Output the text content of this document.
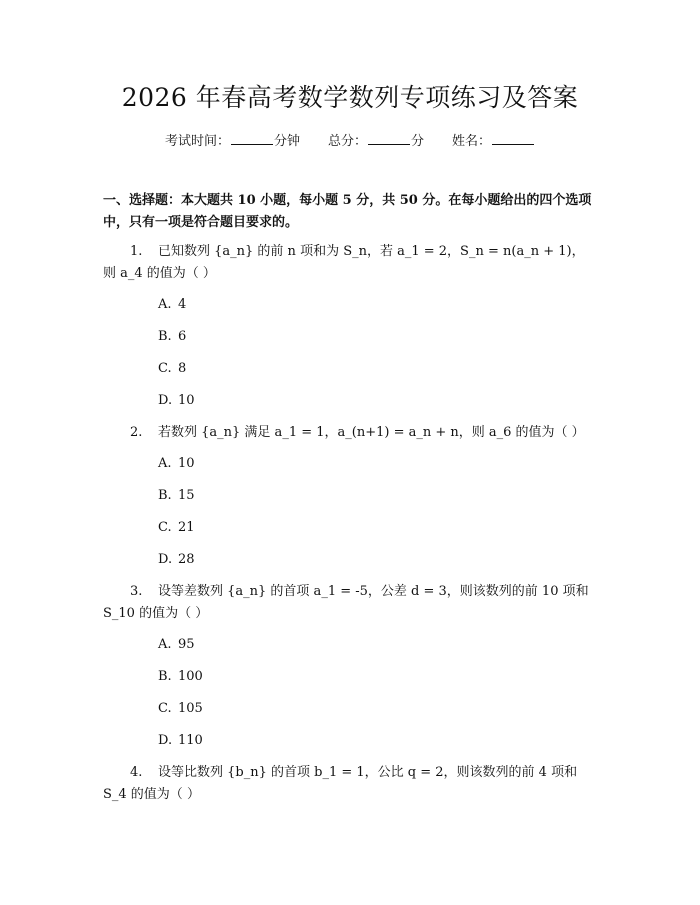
2026 年春高考数学数列专项练习及答案
考试时间：	分钟 总分：	分 姓名：
一、选择题：本大题共 10 小题，每小题 5 分，共 50 分。在每小题给出的四个选项中，只有一项是符合题目要求的。
1. 已知数列 {a_n} 的前 n 项和为 S_n，若 a_1 = 2，S_n = n(a_n + 1)，则 a_4 的值为（ ）
A. 4
B. 6
C. 8
D. 10
2. 若数列 {a_n} 满足 a_1 = 1，a_(n+1) = a_n + n，则 a_6 的值为（ ）
A. 10
B. 15
C. 21
D. 28
3. 设等差数列 {a_n} 的首项 a_1 = -5，公差 d = 3，则该数列的前 10 项和 S_10 的值为（ ）
A. 95
B. 100
C. 105
D. 110
4. 设等比数列 {b_n} 的首项 b_1 = 1，公比 q = 2，则该数列的前 4 项和 S_4 的值为（ ）
